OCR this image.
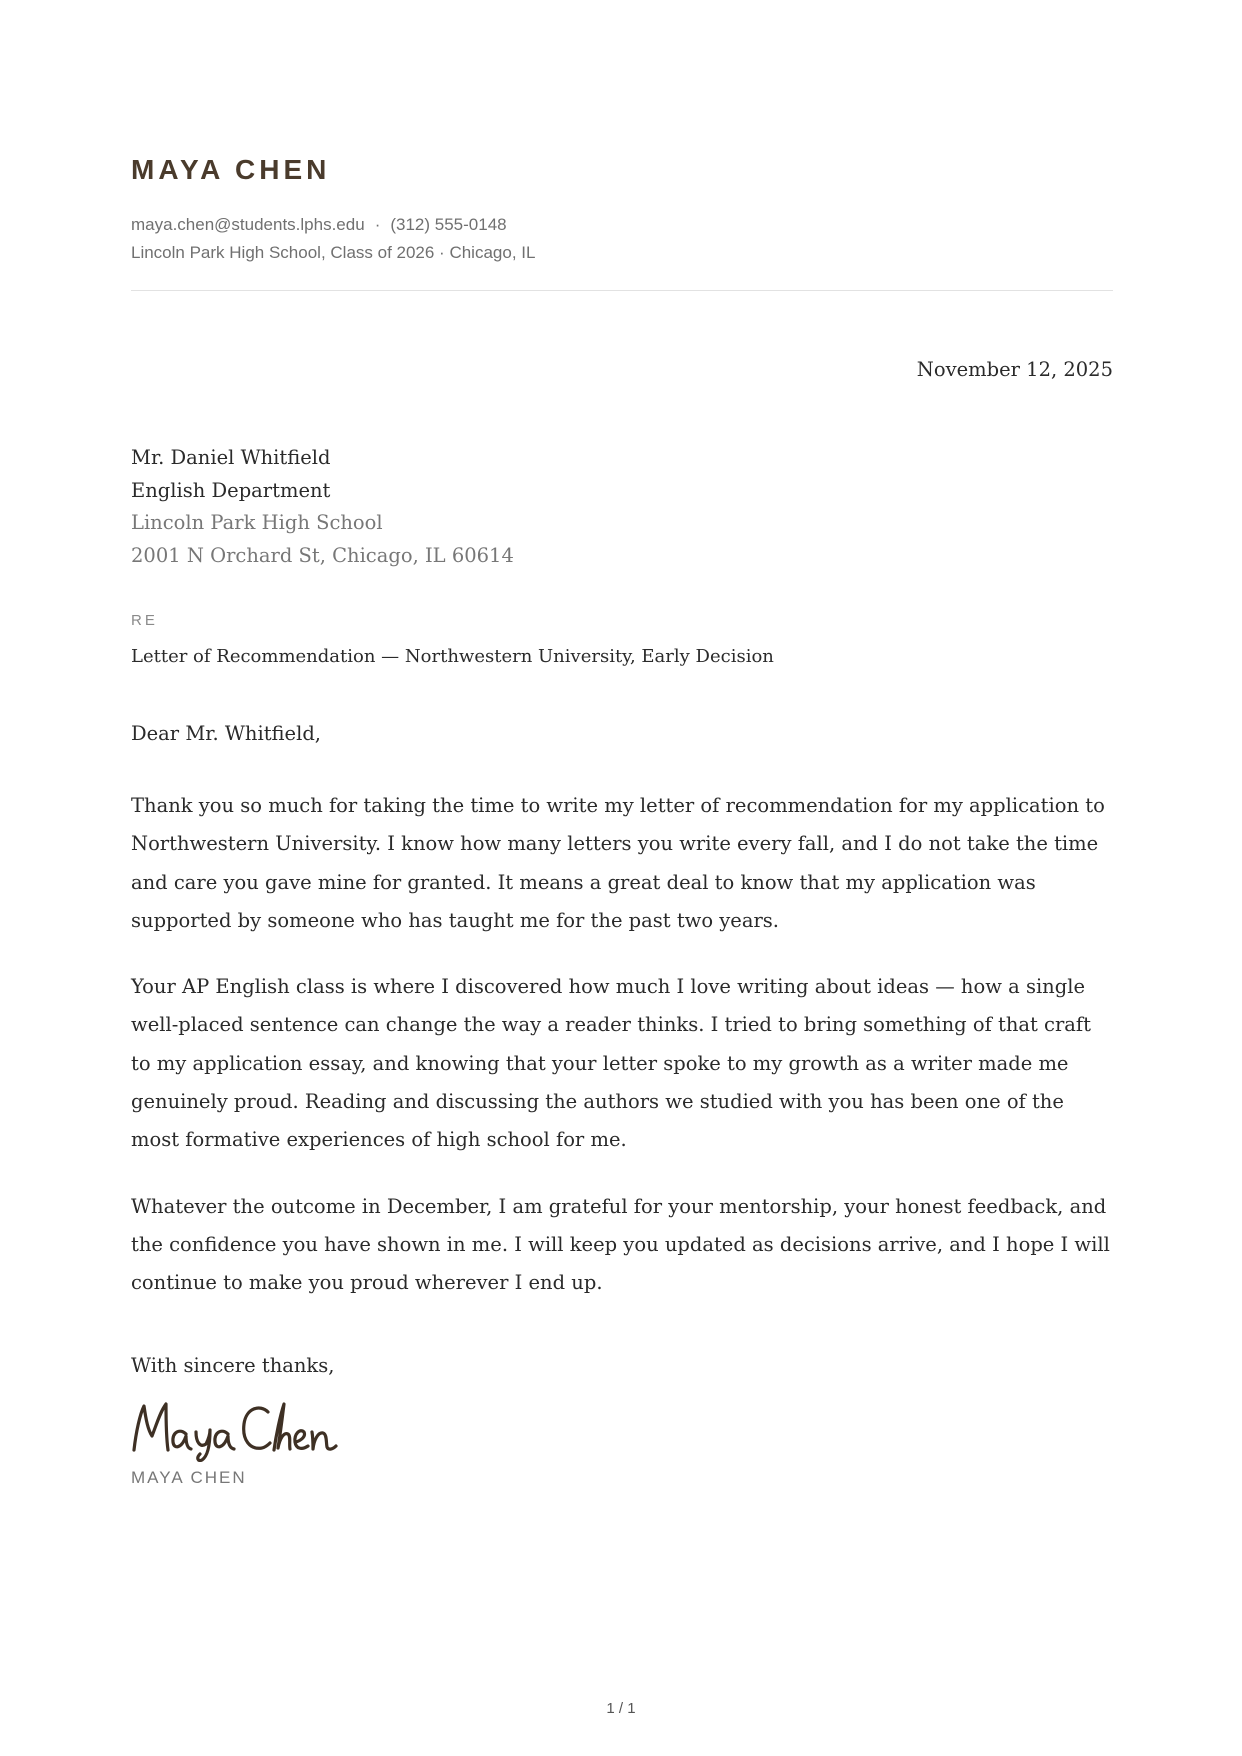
MAYA CHEN
maya.chen@students.lphs.edu · (312) 555-0148
Lincoln Park High School, Class of 2026 · Chicago, IL
November 12, 2025
Mr. Daniel Whitfield
English Department
Lincoln Park High School
2001 N Orchard St, Chicago, IL 60614
RE
Letter of Recommendation — Northwestern University, Early Decision
Dear Mr. Whitfield,

Thank you so much for taking the time to write my letter of recommendation for my application to Northwestern University. I know how many letters you write every fall, and I do not take the time and care you gave mine for granted. It means a great deal to know that my application was supported by someone who has taught me for the past two years.

Your AP English class is where I discovered how much I love writing about ideas — how a single well-placed sentence can change the way a reader thinks. I tried to bring something of that craft to my application essay, and knowing that your letter spoke to my growth as a writer made me genuinely proud. Reading and discussing the authors we studied with you has been one of the most formative experiences of high school for me.

Whatever the outcome in December, I am grateful for your mentorship, your honest feedback, and the confidence you have shown in me. I will keep you updated as decisions arrive, and I hope I will continue to make you proud wherever I end up.

With sincere thanks,
MAYA CHEN
1 / 1
